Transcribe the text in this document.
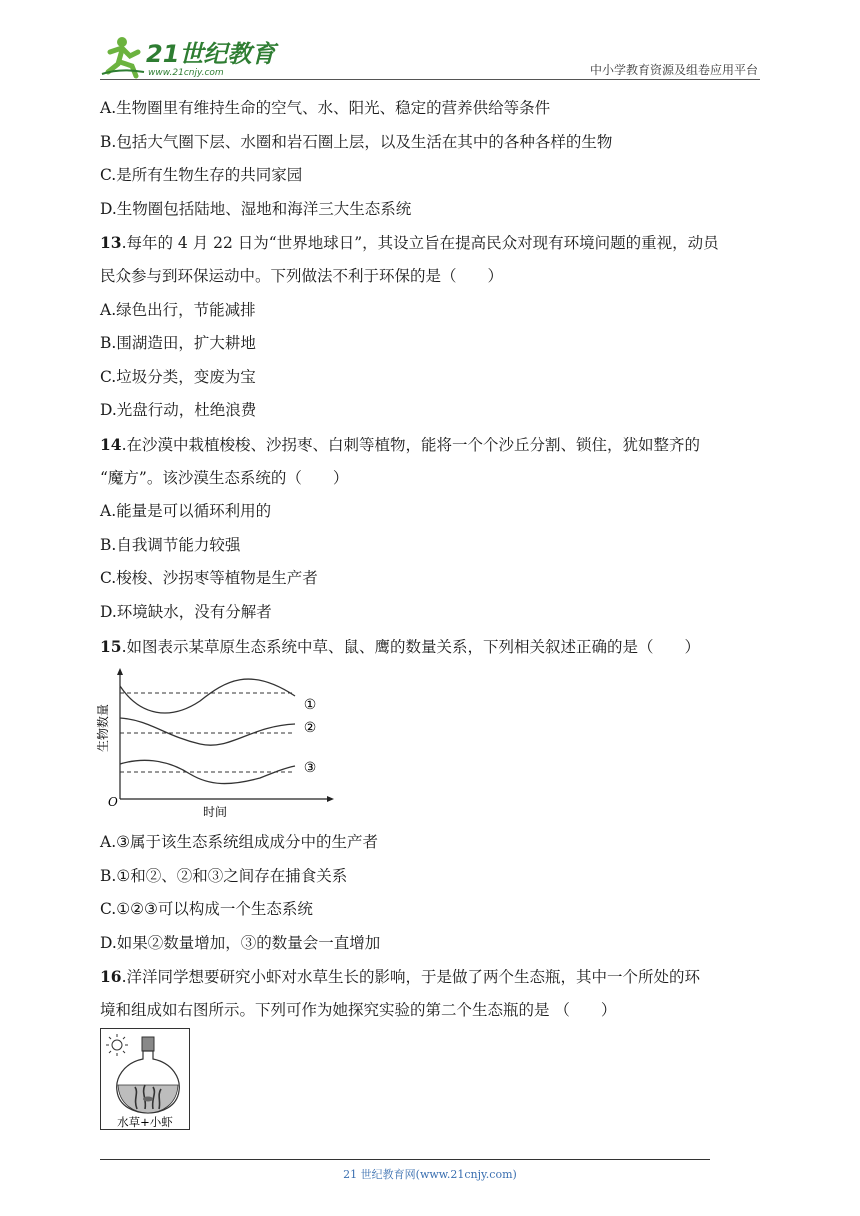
21世纪教育
www.21cnjy.com	中小学教育资源及组卷应用平台
A.生物圈里有维持生命的空气、水、阳光、稳定的营养供给等条件
B.包括大气圈下层、水圈和岩石圈上层，以及生活在其中的各种各样的生物
C.是所有生物生存的共同家园
D.生物圈包括陆地、湿地和海洋三大生态系统
13.每年的 4 月 22 日为“世界地球日”，其设立旨在提高民众对现有环境问题的重视，动员
民众参与到环保运动中。下列做法不利于环保的是（　　）
A.绿色出行，节能减排
B.围湖造田，扩大耕地
C.垃圾分类，变废为宝
D.光盘行动，杜绝浪费
14.在沙漠中栽植梭梭、沙拐枣、白刺等植物，能将一个个沙丘分割、锁住，犹如整齐的
“魔方”。该沙漠生态系统的（　　）
A.能量是可以循环利用的
B.自我调节能力较强
C.梭梭、沙拐枣等植物是生产者
D.环境缺水，没有分解者
15.如图表示某草原生态系统中草、鼠、鹰的数量关系，下列相关叙述正确的是（　　）
O
时间
生物数量	①
②
③
A.③属于该生态系统组成成分中的生产者
B.①和②、②和③之间存在捕食关系
C.①②③可以构成一个生态系统
D.如果②数量增加，③的数量会一直增加
16.洋洋同学想要研究小虾对水草生长的影响，于是做了两个生态瓶，其中一个所处的环
境和组成如右图所示。下列可作为她探究实验的第二个生态瓶的是 （　　）
水草+小虾
21 世纪教育网(www.21cnjy.com)
